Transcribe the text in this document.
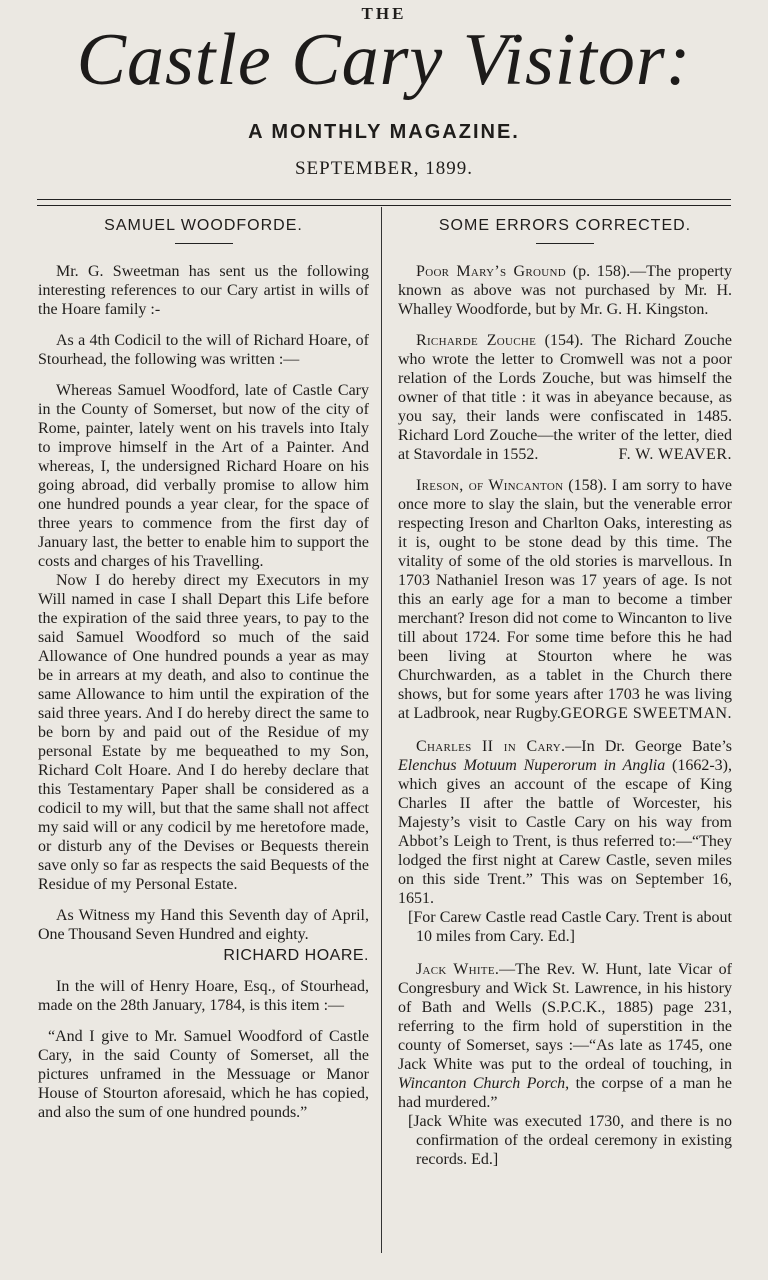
THE
Castle Cary Visitor:
A MONTHLY MAGAZINE.
SEPTEMBER, 1899.
SAMUEL WOODFORDE.

Mr. G. Sweetman has sent us the following interesting references to our Cary artist in wills of the Hoare family :-

As a 4th Codicil to the will of Richard Hoare, of Stourhead, the following was written :—

Whereas Samuel Woodford, late of Castle Cary in the County of Somerset, but now of the city of Rome, painter, lately went on his travels into Italy to improve himself in the Art of a Painter. And whereas, I, the undersigned Richard Hoare on his going abroad, did verbally promise to allow him one hundred pounds a year clear, for the space of three years to commence from the first day of January last, the better to enable him to support the costs and charges of his Travelling.

Now I do hereby direct my Executors in my Will named in case I shall Depart this Life before the expiration of the said three years, to pay to the said Samuel Woodford so much of the said Allowance of One hundred pounds a year as may be in arrears at my death, and also to continue the same Allowance to him until the expiration of the said three years. And I do hereby direct the same to be born by and paid out of the Residue of my personal Estate by me bequeathed to my Son, Richard Colt Hoare. And I do hereby declare that this Testamentary Paper shall be considered as a codicil to my will, but that the same shall not affect my said will or any codicil by me heretofore made, or disturb any of the Devises or Bequests therein save only so far as respects the said Bequests of the Residue of my Personal Estate.

As Witness my Hand this Seventh day of April, One Thousand Seven Hundred and eighty.

RICHARD HOARE.

In the will of Henry Hoare, Esq., of Stourhead, made on the 28th January, 1784, is this item :—

“And I give to Mr. Samuel Woodford of Castle Cary, in the said County of Somerset, all the pictures unframed in the Messuage or Manor House of Stourton aforesaid, which he has copied, and also the sum of one hundred pounds.”

SOME ERRORS CORRECTED.

Poor Mary’s Ground (p. 158).—The property known as above was not purchased by Mr. H. Whalley Woodforde, but by Mr. G. H. Kingston.

Richarde Zouche (154). The Richard Zouche who wrote the letter to Cromwell was not a poor relation of the Lords Zouche, but was himself the owner of that title : it was in abeyance because, as you say, their lands were confiscated in 1485. Richard Lord Zouche—the writer of the letter, died at Stavordale in 1552.	F. W. WEAVER.

Ireson, of Wincanton (158). I am sorry to have once more to slay the slain, but the venerable error respecting Ireson and Charlton Oaks, interesting as it is, ought to be stone dead by this time. The vitality of some of the old stories is marvellous. In 1703 Nathaniel Ireson was 17 years of age. Is not this an early age for a man to become a timber merchant? Ireson did not come to Wincanton to live till about 1724. For some time before this he had been living at Stourton where he was Churchwarden, as a tablet in the Church there shows, but for some years after 1703 he was living at Ladbrook, near Rugby. GEORGE SWEETMAN.

Charles II in Cary.—In Dr. George Bate’s Elenchus Motuum Nuperorum in Anglia (1662-3), which gives an account of the escape of King Charles II after the battle of Worcester, his Majesty’s visit to Castle Cary on his way from Abbot’s Leigh to Trent, is thus referred to:—“They lodged the first night at Carew Castle, seven miles on this side Trent.” This was on September 16, 1651.

[For Carew Castle read Castle Cary. Trent is about 10 miles from Cary. Ed.]

Jack White.—The Rev. W. Hunt, late Vicar of Congresbury and Wick St. Lawrence, in his history of Bath and Wells (S.P.C.K., 1885) page 231, referring to the firm hold of superstition in the county of Somerset, says :—“As late as 1745, one Jack White was put to the ordeal of touching, in Wincanton Church Porch, the corpse of a man he had murdered.”

[Jack White was executed 1730, and there is no confirmation of the ordeal ceremony in existing records. Ed.]
